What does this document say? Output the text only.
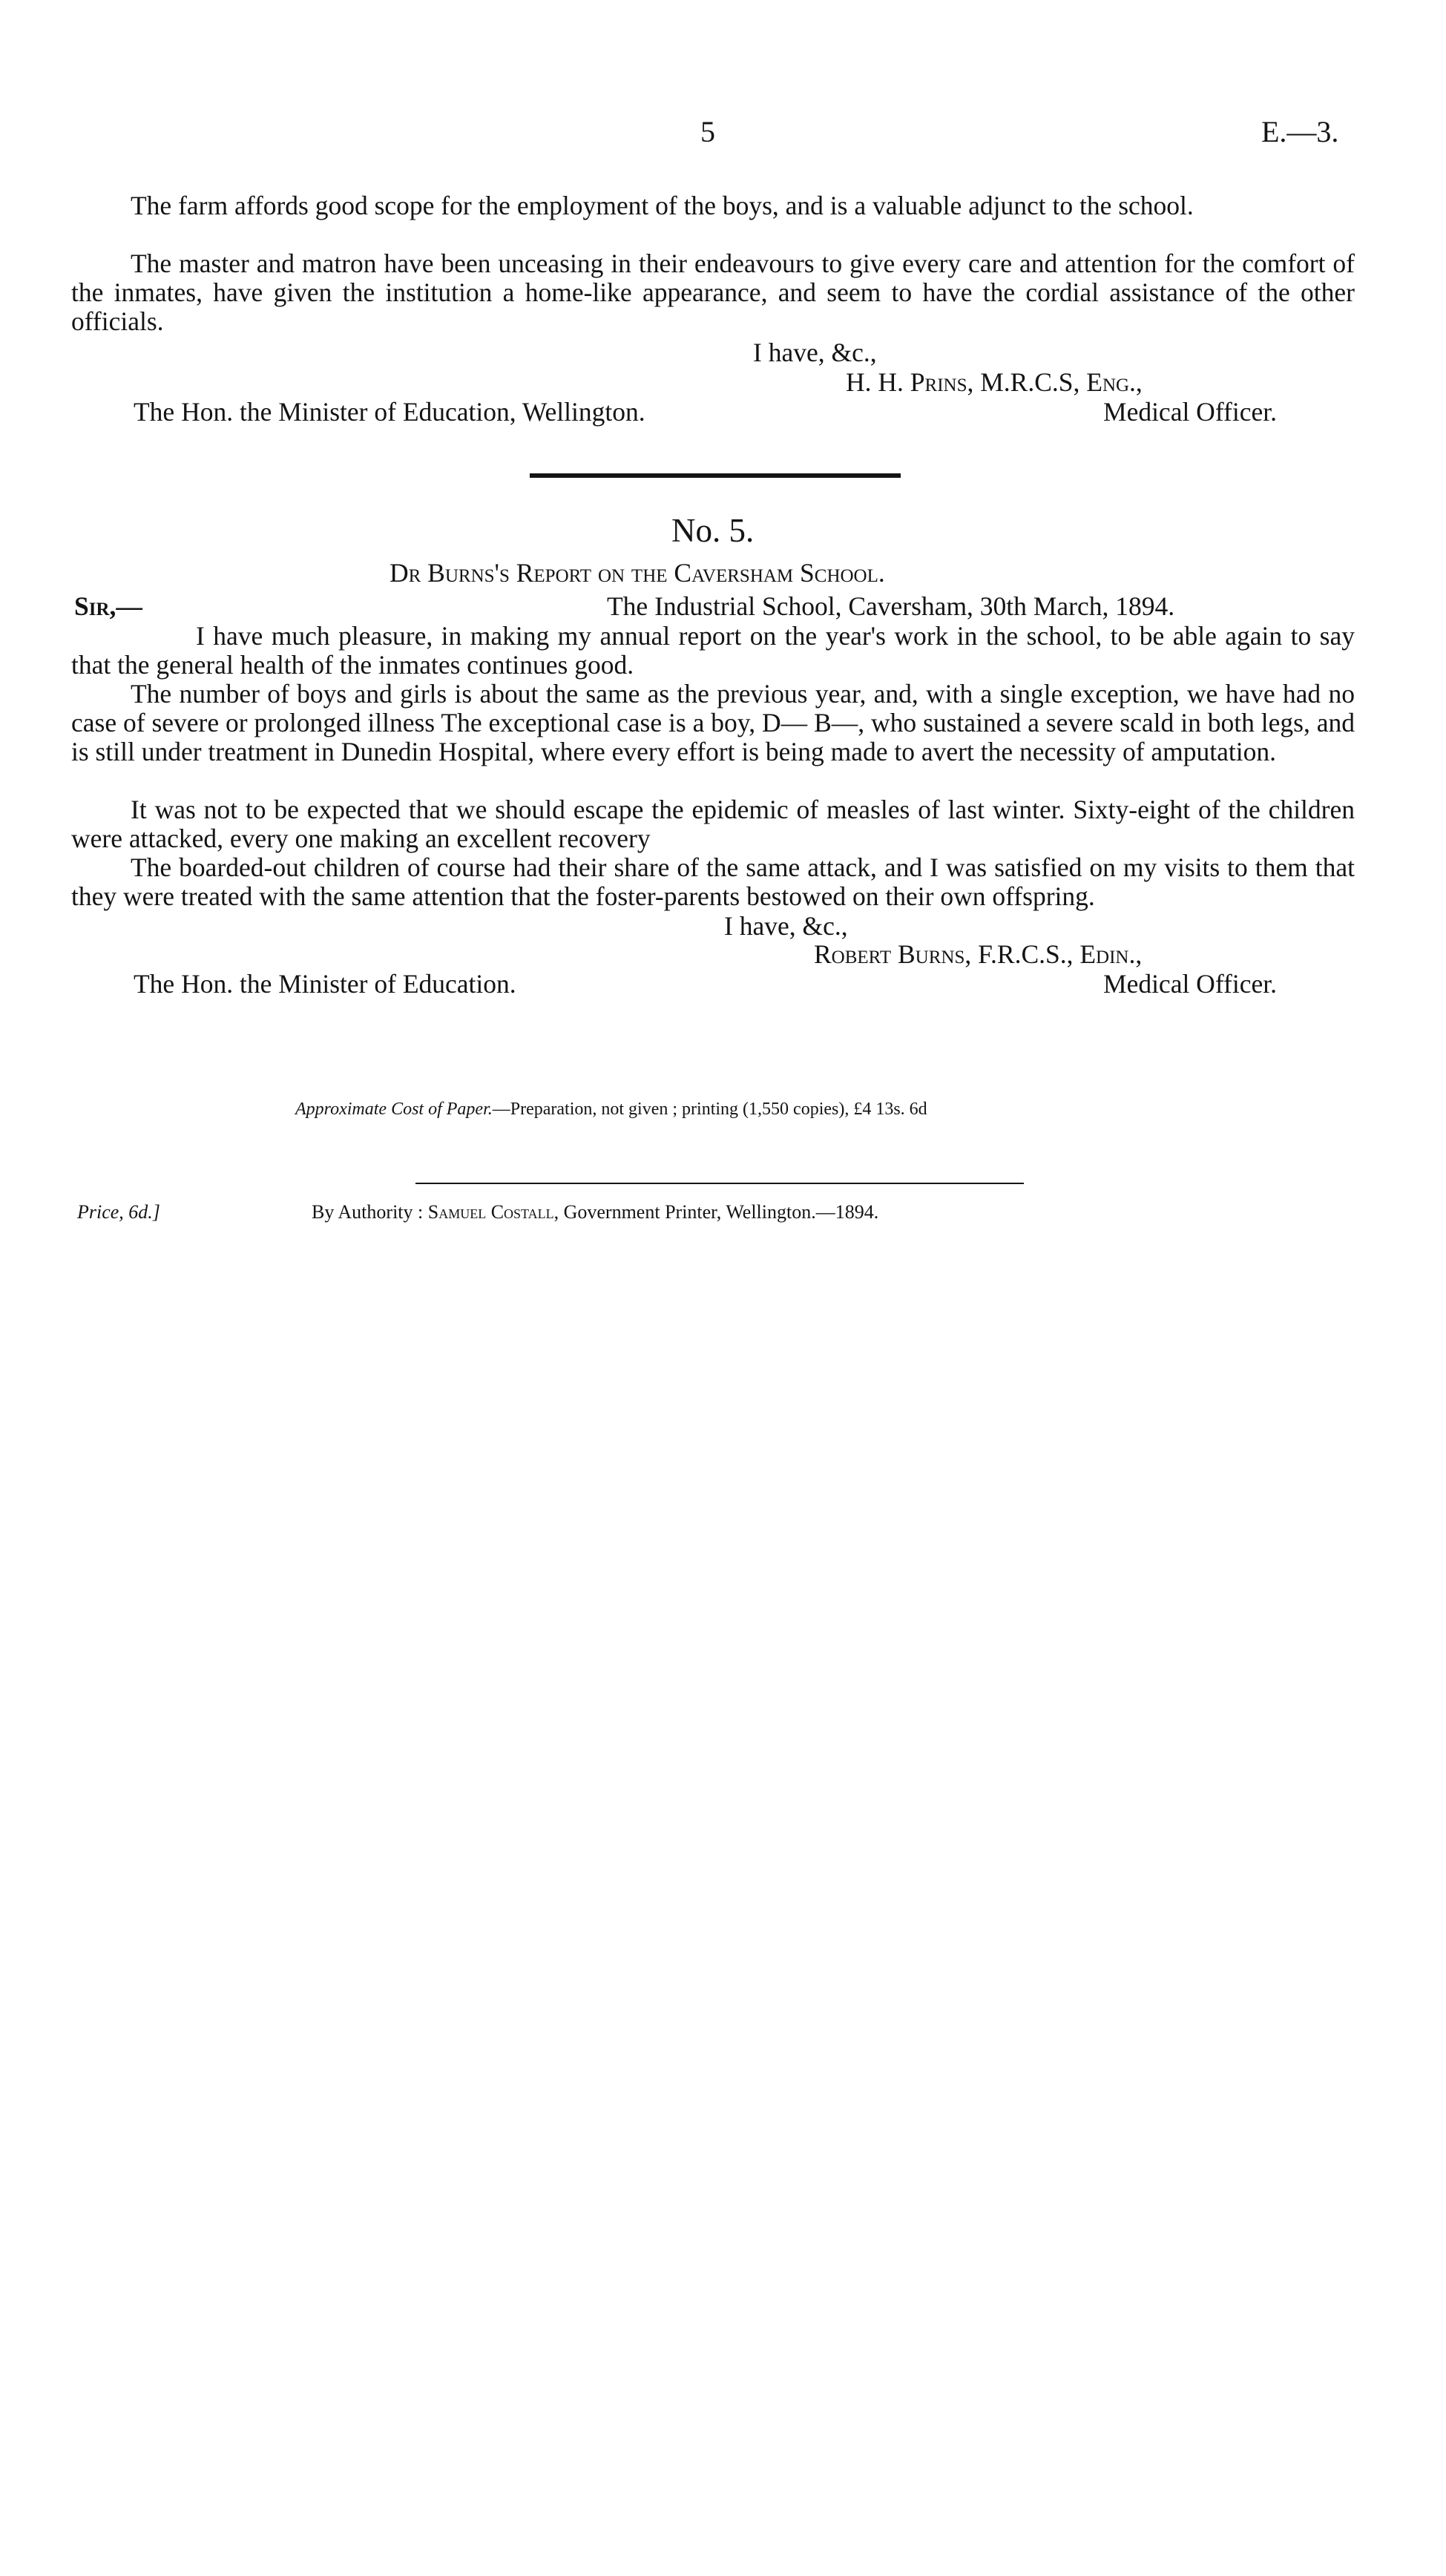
5	E.—3.

The farm affords good scope for the employment of the boys, and is a valuable adjunct to the school.

The master and matron have been unceasing in their endeavours to give every care and attention for the comfort of the inmates, have given the institution a home-like appearance, and seem to have the cordial assistance of the other officials.

I have, &c.,
H. H. Prins, M.R.C.S, Eng.,
The Hon. the Minister of Education, Wellington.	Medical Officer.
No. 5.
Dr Burns's Report on the Caversham School.
Sir,—	The Industrial School, Caversham, 30th March, 1894.

I have much pleasure, in making my annual report on the year's work in the school, to be able again to say that the general health of the inmates continues good.

The number of boys and girls is about the same as the previous year, and, with a single exception, we have had no case of severe or prolonged illness The exceptional case is a boy, D— B—, who sustained a severe scald in both legs, and is still under treatment in Dunedin Hospital, where every effort is being made to avert the necessity of amputation.

It was not to be expected that we should escape the epidemic of measles of last winter. Sixty-eight of the children were attacked, every one making an excellent recovery

The boarded-out children of course had their share of the same attack, and I was satisfied on my visits to them that they were treated with the same attention that the foster-parents bestowed on their own offspring.

I have, &c.,
Robert Burns, F.R.C.S., Edin.,
The Hon. the Minister of Education.	Medical Officer.
Approximate Cost of Paper.—Preparation, not given ; printing (1,550 copies), £4 13s. 6d
Price, 6d.]	By Authority : Samuel Costall, Government Printer, Wellington.—1894.
